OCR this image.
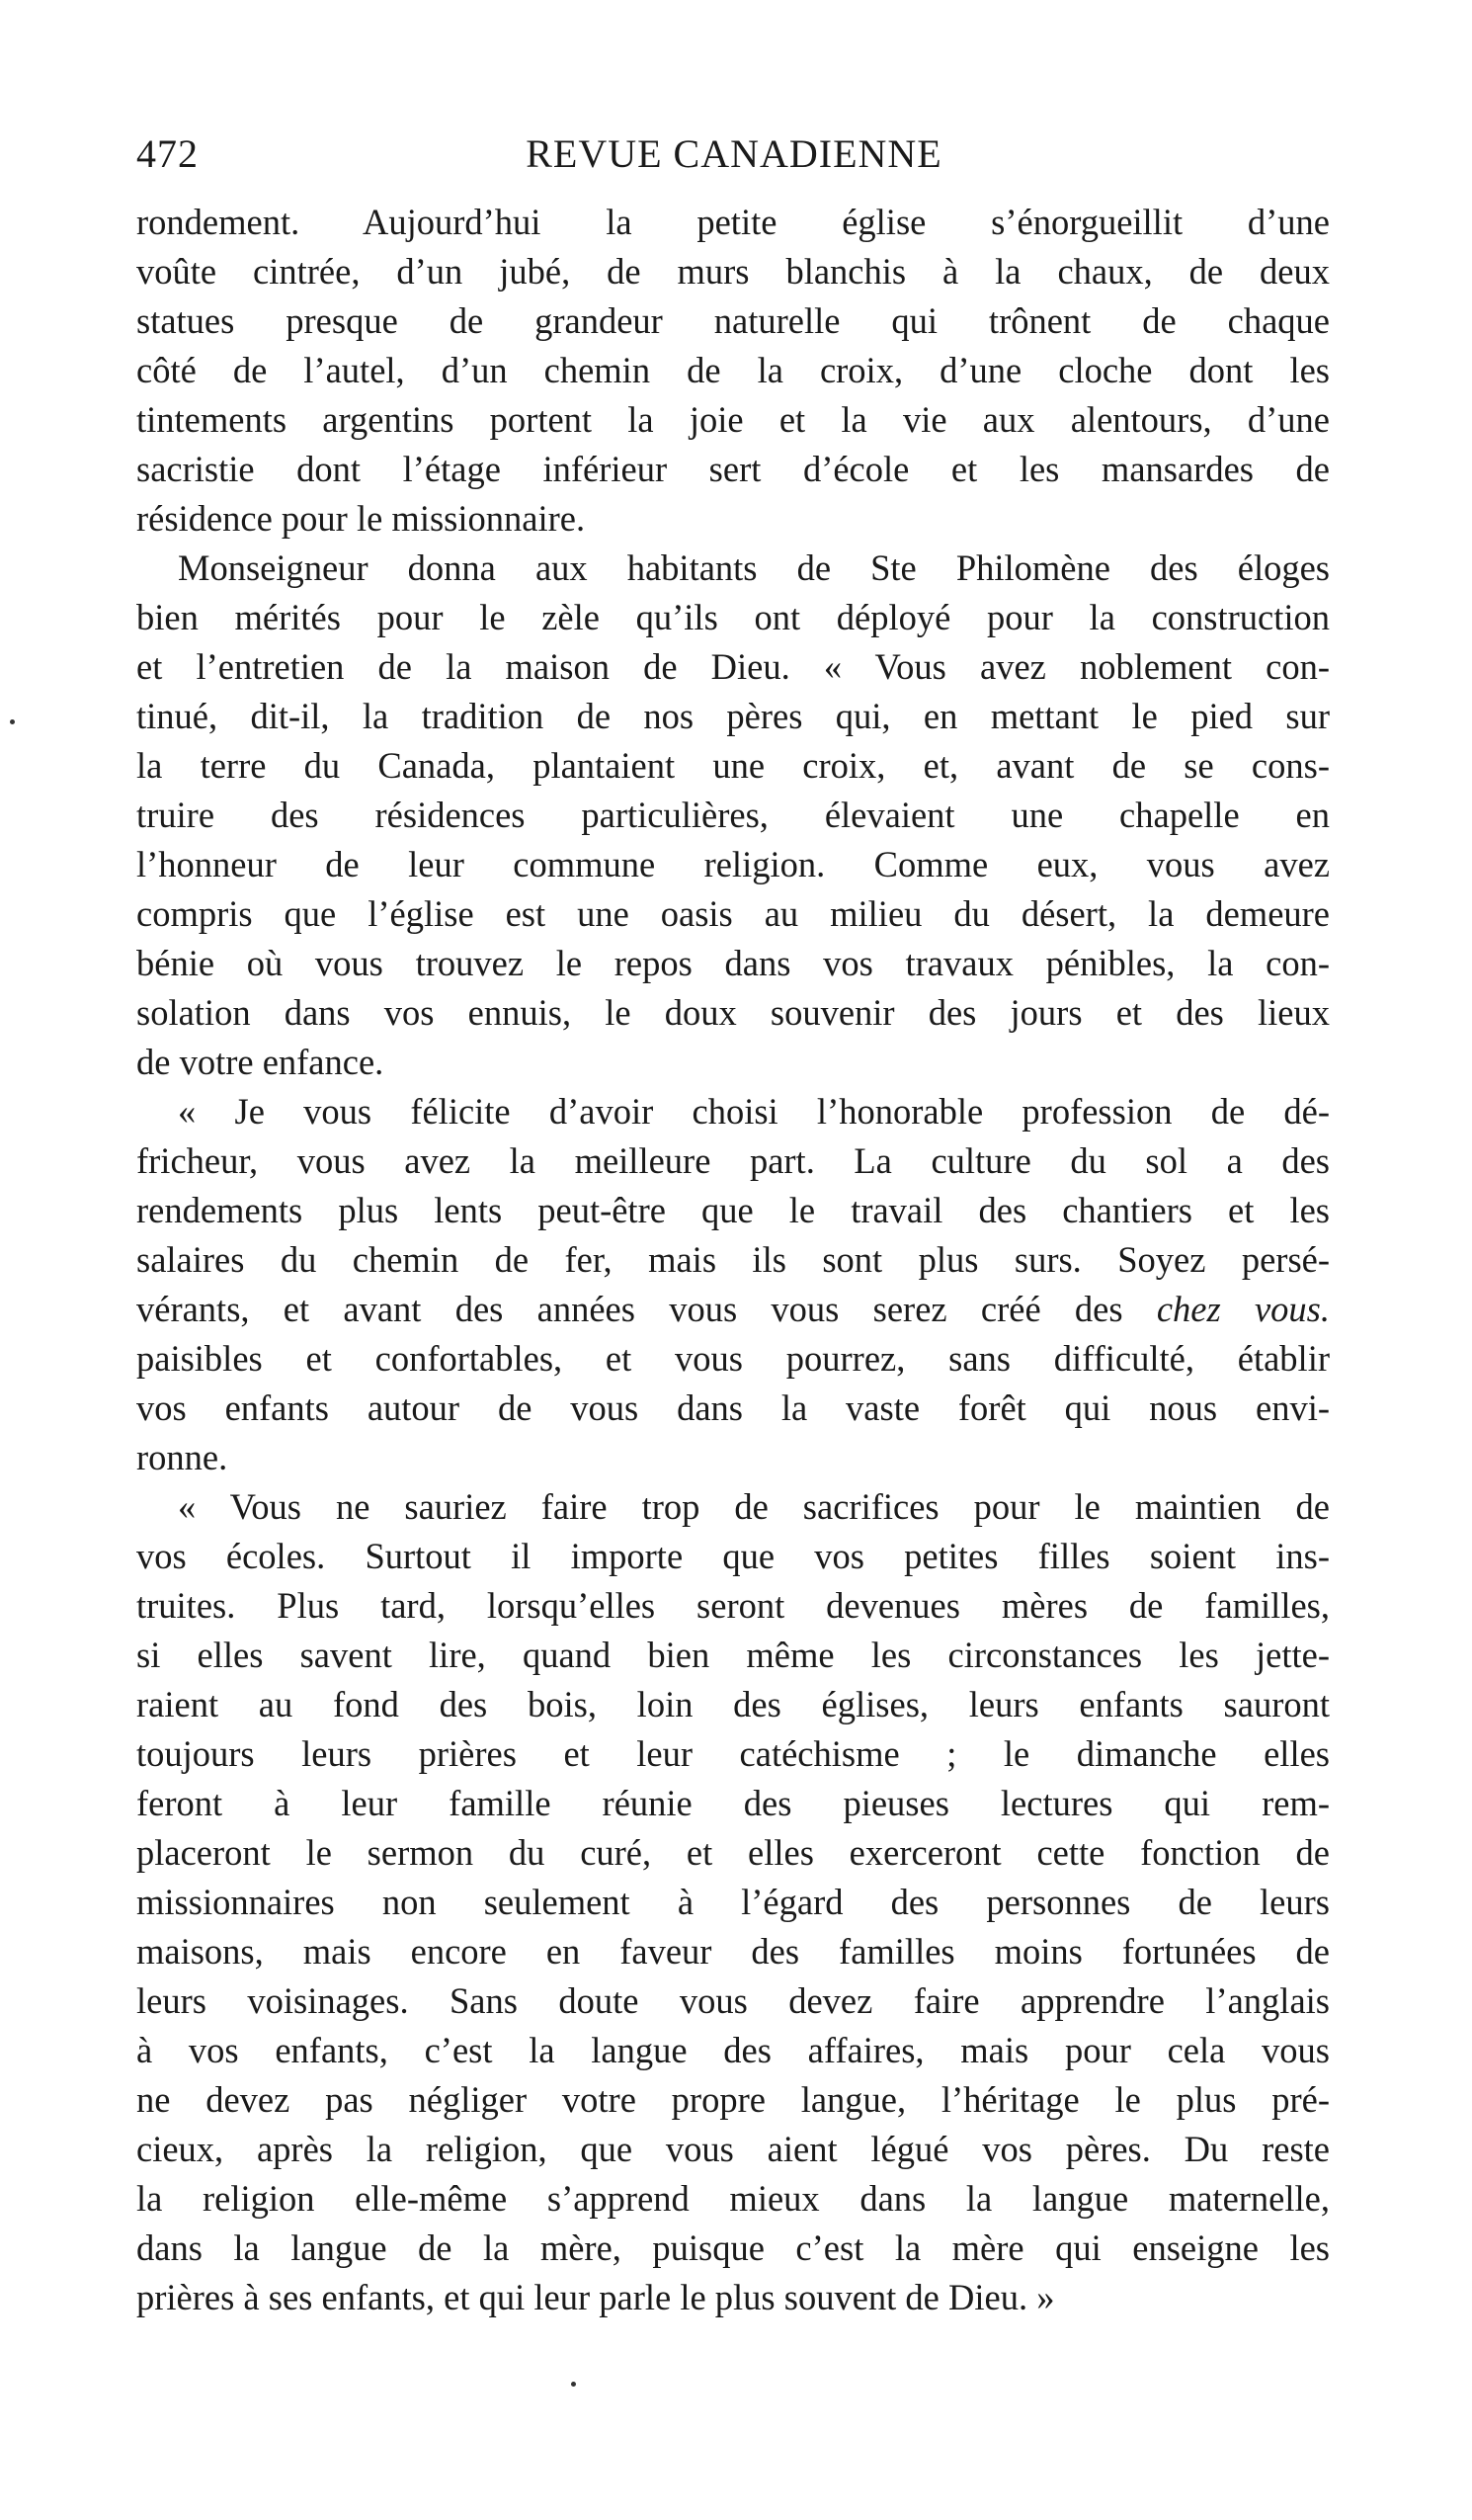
472	REVUE CANADIENNE
rondement. Aujourd’hui la petite église s’énorgueillit d’une
voûte cintrée, d’un jubé, de murs blanchis à la chaux, de deux
statues presque de grandeur naturelle qui trônent de chaque
côté de l’autel, d’un chemin de la croix, d’une cloche dont les
tintements argentins portent la joie et la vie aux alentours, d’une
sacristie dont l’étage inférieur sert d’école et les mansardes de
résidence pour le missionnaire.
Monseigneur donna aux habitants de Ste Philomène des éloges
bien mérités pour le zèle qu’ils ont déployé pour la construction
et l’entretien de la maison de Dieu. « Vous avez noblement con-
tinué, dit-il, la tradition de nos pères qui, en mettant le pied sur
la terre du Canada, plantaient une croix, et, avant de se cons-
truire des résidences particulières, élevaient une chapelle en
l’honneur de leur commune religion. Comme eux, vous avez
compris que l’église est une oasis au milieu du désert, la demeure
bénie où vous trouvez le repos dans vos travaux pénibles, la con-
solation dans vos ennuis, le doux souvenir des jours et des lieux
de votre enfance.
« Je vous félicite d’avoir choisi l’honorable profession de dé-
fricheur, vous avez la meilleure part. La culture du sol a des
rendements plus lents peut-être que le travail des chantiers et les
salaires du chemin de fer, mais ils sont plus surs. Soyez persé-
vérants, et avant des années vous vous serez créé des chez vous.
paisibles et confortables, et vous pourrez, sans difficulté, établir
vos enfants autour de vous dans la vaste forêt qui nous envi-
ronne.
« Vous ne sauriez faire trop de sacrifices pour le maintien de
vos écoles. Surtout il importe que vos petites filles soient ins-
truites. Plus tard, lorsqu’elles seront devenues mères de familles,
si elles savent lire, quand bien même les circonstances les jette-
raient au fond des bois, loin des églises, leurs enfants sauront
toujours leurs prières et leur catéchisme ; le dimanche elles
feront à leur famille réunie des pieuses lectures qui rem-
placeront le sermon du curé, et elles exerceront cette fonction de
missionnaires non seulement à l’égard des personnes de leurs
maisons, mais encore en faveur des familles moins fortunées de
leurs voisinages. Sans doute vous devez faire apprendre l’anglais
à vos enfants, c’est la langue des affaires, mais pour cela vous
ne devez pas négliger votre propre langue, l’héritage le plus pré-
cieux, après la religion, que vous aient légué vos pères. Du reste
la religion elle-même s’apprend mieux dans la langue maternelle,
dans la langue de la mère, puisque c’est la mère qui enseigne les
prières à ses enfants, et qui leur parle le plus souvent de Dieu. »
